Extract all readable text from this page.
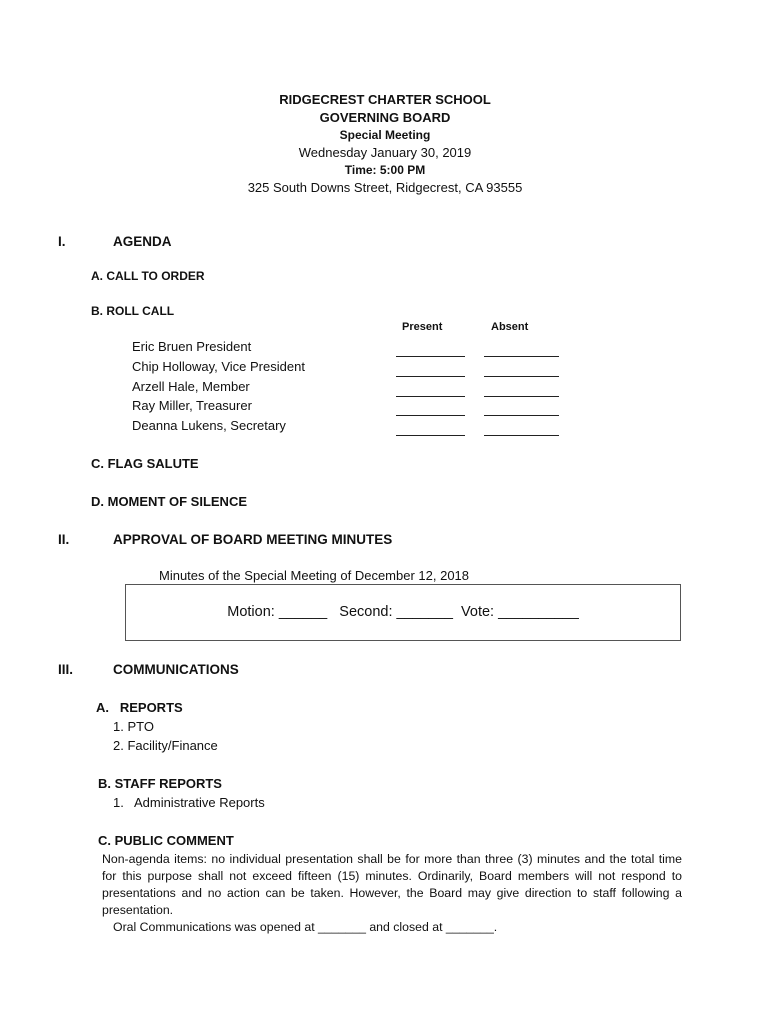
RIDGECREST CHARTER SCHOOL
GOVERNING BOARD
Special Meeting
Wednesday January 30, 2019
Time: 5:00 PM
325 South Downs Street, Ridgecrest, CA 93555
I.	AGENDA
A. CALL TO ORDER
B. ROLL CALL
Present	Absent
Eric Bruen President
Chip Holloway, Vice President
Arzell Hale, Member
Ray Miller, Treasurer
Deanna Lukens, Secretary
C. FLAG SALUTE
D. MOMENT OF SILENCE
II.	APPROVAL OF BOARD MEETING MINUTES
Minutes of the Special Meeting of December 12, 2018
Motion: ______   Second: _______  Vote: __________
III.	COMMUNICATIONS
A.   REPORTS
1. PTO
2. Facility/Finance
B. STAFF REPORTS
1.   Administrative Reports
C. PUBLIC COMMENT
Non-agenda items: no individual presentation shall be for more than three (3) minutes and the total time for this purpose shall not exceed fifteen (15) minutes. Ordinarily, Board members will not respond to presentations and no action can be taken. However, the Board may give direction to staff following a presentation.
Oral Communications was opened at _______ and closed at _______.
